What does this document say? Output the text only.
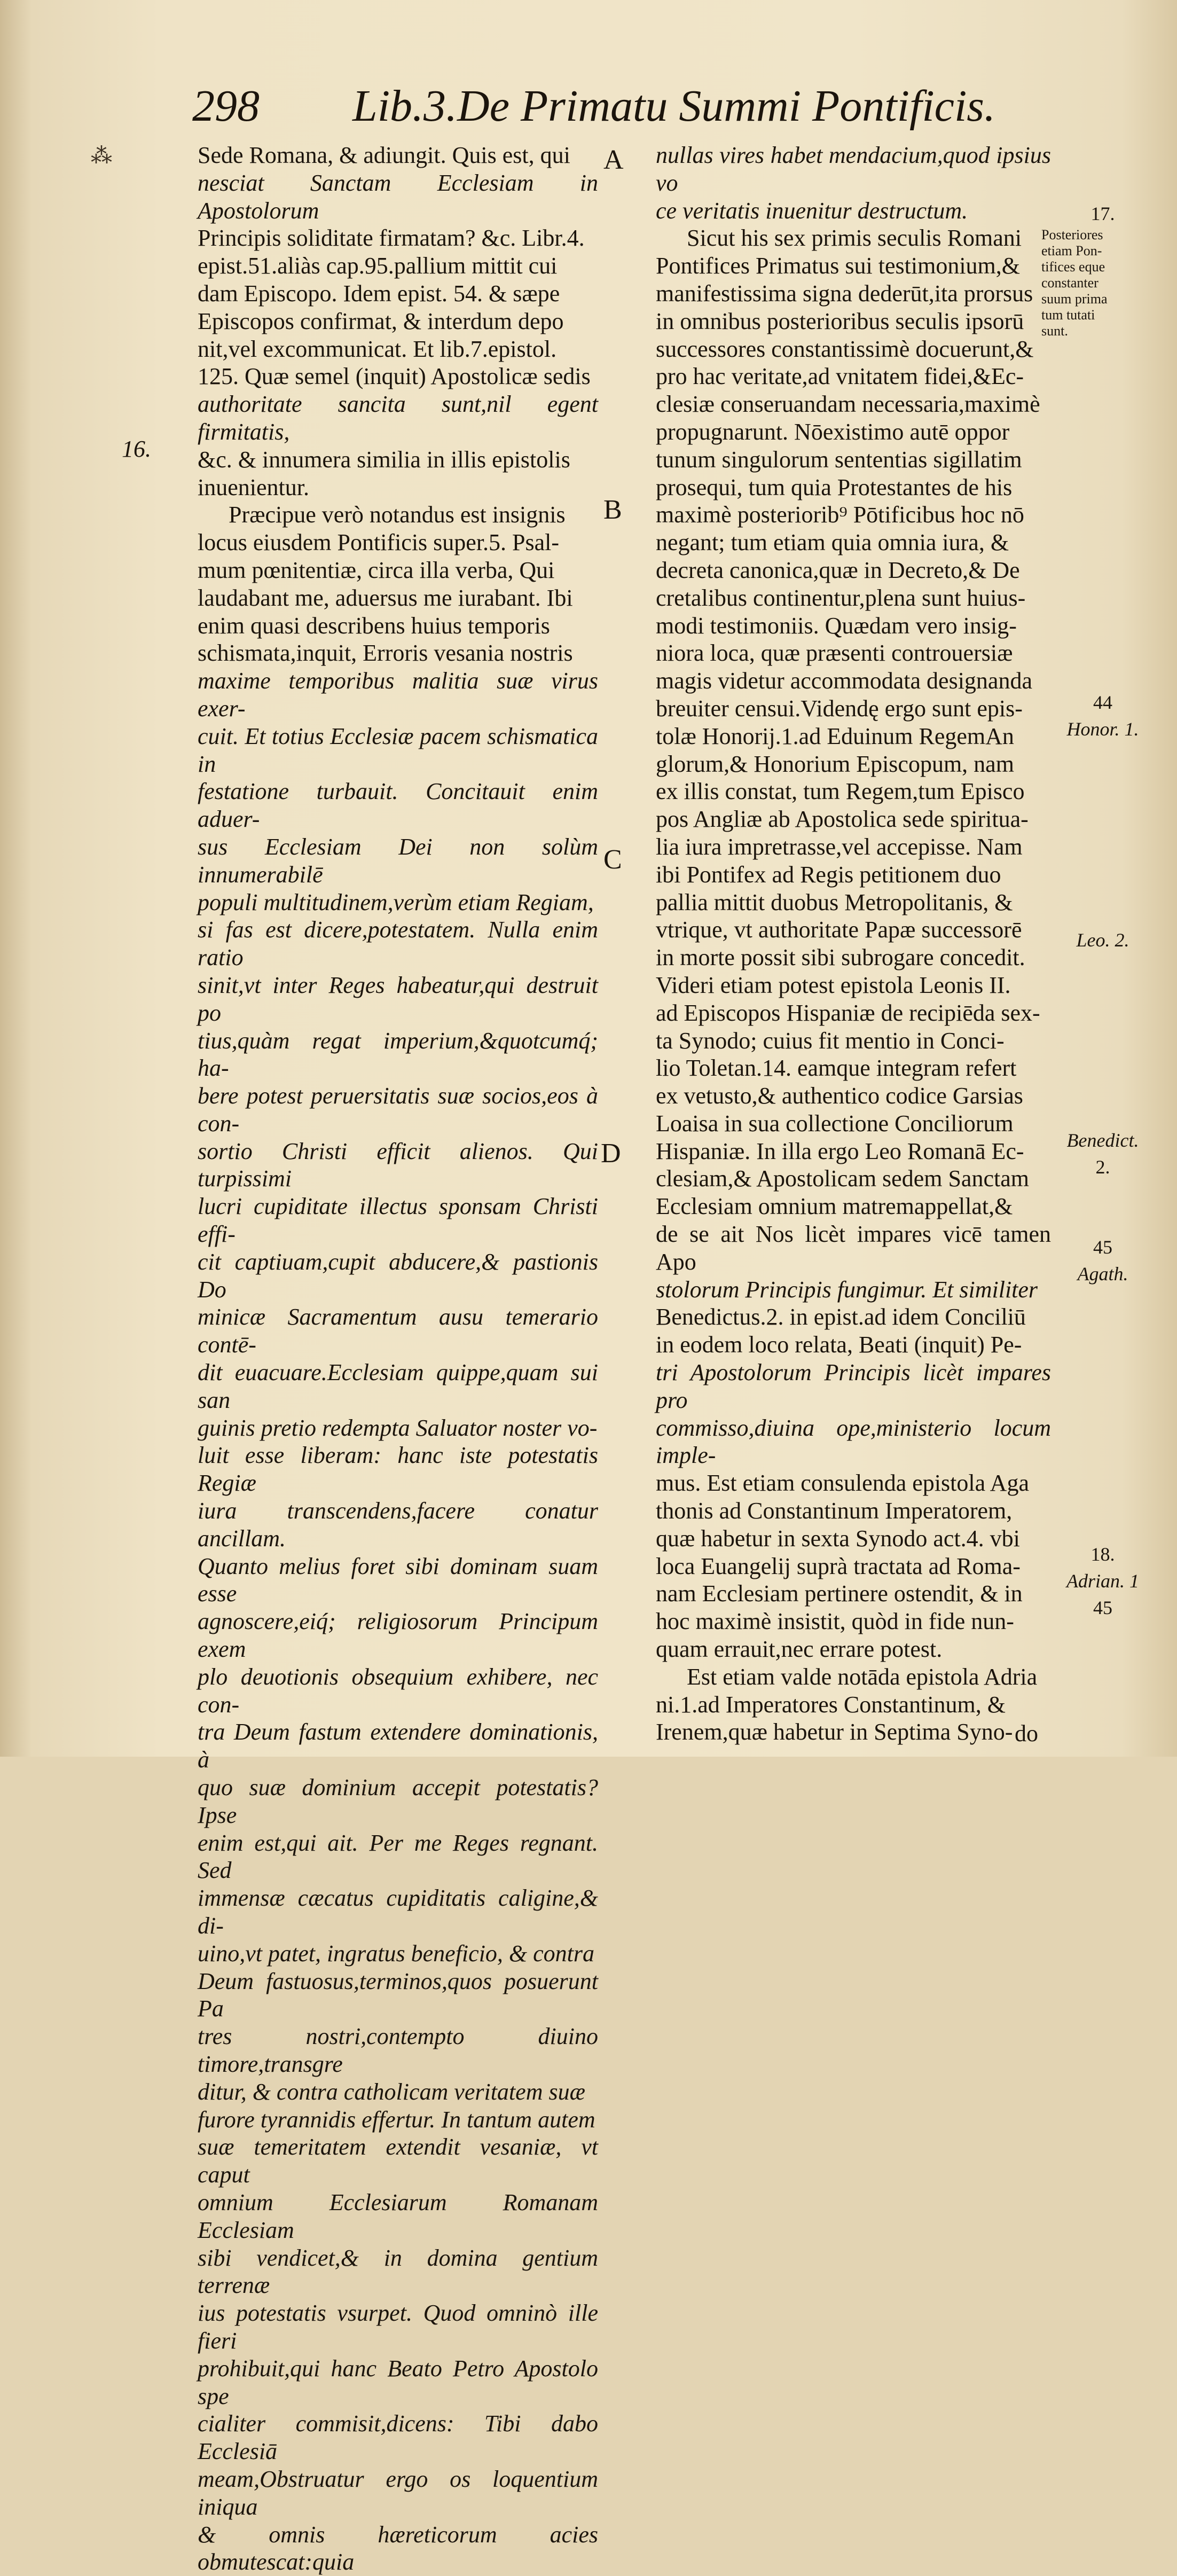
298 Lib.3.De Primatu Summi Pontificis.
⁂
16.
A
B
C
D
Sede Romana, & adiungit. Quis est, qui
nesciat Sanctam Ecclesiam in Apostolorum
Principis soliditate firmatam? &c. Libr.4.
epist.51.aliàs cap.95.pallium mittit cui
dam Episcopo. Idem epist. 54. & sæpe
Episcopos confirmat, & interdum depo
nit,vel excommunicat. Et lib.7.epistol.
125. Quæ semel (inquit) Apostolicæ sedis
authoritate sancita sunt,nil egent firmitatis,
&c. & innumera similia in illis epistolis
inuenientur.
Præcipue verò notandus est insignis
locus eiusdem Pontificis super.5. Psal-
mum pœnitentiæ, circa illa verba, Qui
laudabant me, aduersus me iurabant. Ibi
enim quasi describens huius temporis
schismata,inquit, Erroris vesania nostris
maxime temporibus malitia suæ virus exer-
cuit. Et totius Ecclesiæ pacem schismatica in
festatione turbauit. Concitauit enim aduer-
sus Ecclesiam Dei non solùm innumerabilē
populi multitudinem,verùm etiam Regiam,
si fas est dicere,potestatem. Nulla enim ratio
sinit,vt inter Reges habeatur,qui destruit po
tius,quàm regat imperium,&quotcumq́; ha-
bere potest peruersitatis suæ socios,eos à con-
sortio Christi efficit alienos. Qui turpissimi
lucri cupiditate illectus sponsam Christi effi-
cit captiuam,cupit abducere,& pastionis Do
minicæ Sacramentum ausu temerario contē-
dit euacuare.Ecclesiam quippe,quam sui san
guinis pretio redempta Saluator noster vo-
luit esse liberam: hanc iste potestatis Regiæ
iura transcendens,facere conatur ancillam.
Quanto melius foret sibi dominam suam esse
agnoscere,eiq́; religiosorum Principum exem
plo deuotionis obsequium exhibere, nec con-
tra Deum fastum extendere dominationis, à
quo suæ dominium accepit potestatis? Ipse
enim est,qui ait. Per me Reges regnant. Sed
immensæ cæcatus cupiditatis caligine,& di-
uino,vt patet, ingratus beneficio, & contra
Deum fastuosus,terminos,quos posuerunt Pa
tres nostri,contempto diuino timore,transgre
ditur, & contra catholicam veritatem suæ
furore tyrannidis effertur. In tantum autem
suæ temeritatem extendit vesaniæ, vt caput
omnium Ecclesiarum Romanam Ecclesiam
sibi vendicet,& in domina gentium terrenæ
ius potestatis vsurpet. Quod omninò ille fieri
prohibuit,qui hanc Beato Petro Apostolo spe
cialiter commisit,dicens: Tibi dabo Ecclesiā
meam,Obstruatur ergo os loquentium iniqua
& omnis hæreticorum acies obmutescat:quia
nullas vires habet mendacium,quod ipsius vo
ce veritatis inuenitur destructum.
Sicut his sex primis seculis Romani
Pontifices Primatus sui testimonium,&
manifestissima signa dederūt,ita prorsus
in omnibus posterioribus seculis ipsorū
successores constantissimè docuerunt,&
pro hac veritate,ad vnitatem fidei,&Ec-
clesiæ conseruandam necessaria,maximè
propugnarunt. Nōexistimo autē oppor
tunum singulorum sententias sigillatim
prosequi, tum quia Protestantes de his
maximè posteriorib⁹ Pōtificibus hoc nō
negant; tum etiam quia omnia iura, &
decreta canonica,quæ in Decreto,& De
cretalibus continentur,plena sunt huius-
modi testimoniis. Quædam vero insig-
niora loca, quæ præsenti controuersiæ
magis videtur accommodata designanda
breuiter censui.Videndę ergo sunt epis-
tolæ Honorij.1.ad Eduinum RegemAn
glorum,& Honorium Episcopum, nam
ex illis constat, tum Regem,tum Episco
pos Angliæ ab Apostolica sede spiritua-
lia iura impretrasse,vel accepisse. Nam
ibi Pontifex ad Regis petitionem duo
pallia mittit duobus Metropolitanis, &
vtrique, vt authoritate Papæ successorē
in morte possit sibi subrogare concedit.
Videri etiam potest epistola Leonis II.
ad Episcopos Hispaniæ de recipiēda sex-
ta Synodo; cuius fit mentio in Conci-
lio Toletan.14. eamque integram refert
ex vetusto,& authentico codice Garsias
Loaisa in sua collectione Conciliorum
Hispaniæ. In illa ergo Leo Romanā Ec-
clesiam,& Apostolicam sedem Sanctam
Ecclesiam omnium matremappellat,&
de se ait Nos licèt impares vicē tamen Apo
stolorum Principis fungimur. Et similiter
Benedictus.2. in epist.ad idem Conciliū
in eodem loco relata, Beati (inquit) Pe-
tri Apostolorum Principis licèt impares pro
commisso,diuina ope,ministerio locum imple-
mus. Est etiam consulenda epistola Aga
thonis ad Constantinum Imperatorem,
quæ habetur in sexta Synodo act.4. vbi
loca Euangelij suprà tractata ad Roma-
nam Ecclesiam pertinere ostendit, & in
hoc maximè insistit, quòd in fide nun-
quam errauit,nec errare potest.
Est etiam valde notāda epistola Adria
ni.1.ad Imperatores Constantinum, &
Irenem,quæ habetur in Septima Syno- do
17.
Posteriores
etiam Pon-
tifices eque
constanter
suum prima
tum tutati
sunt.
44
Honor. 1.
Leo. 2.
Benedict.
2.
45
Agath.
18.
Adrian. 1
45
